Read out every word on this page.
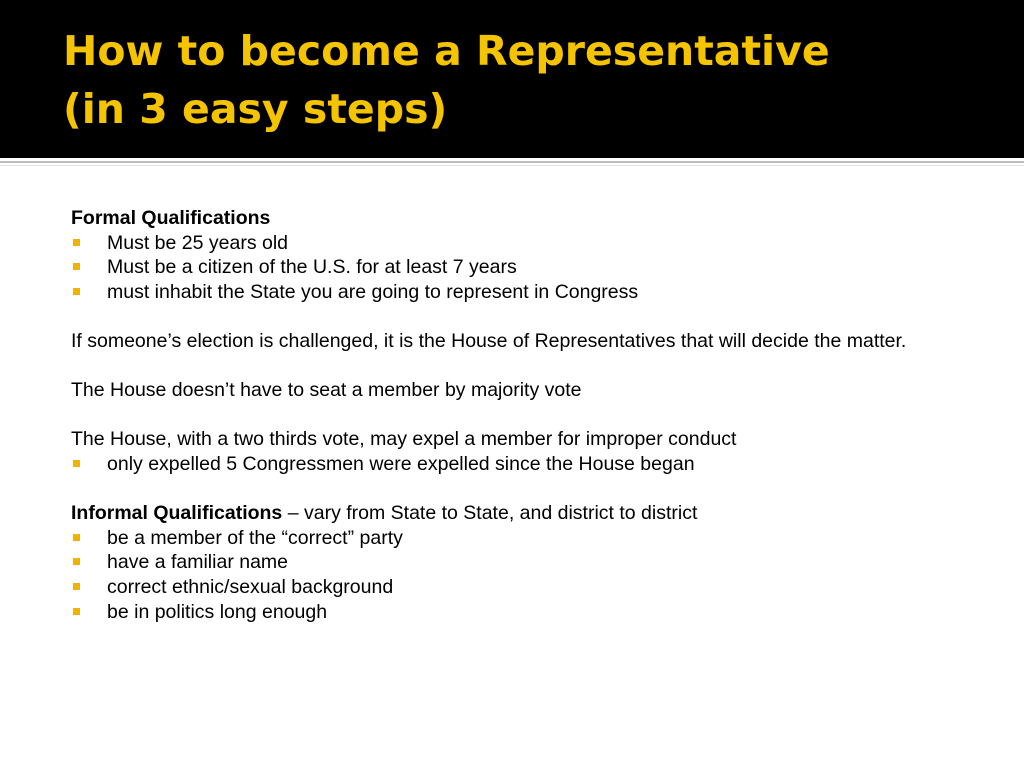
How to become a Representative
(in 3 easy steps)
Formal Qualifications
Must be 25 years old
Must be a citizen of the U.S. for at least 7 years
must inhabit the State you are going to represent in Congress
If someone’s election is challenged, it is the House of Representatives that will decide the matter.
The House doesn’t have to seat a member by majority vote
The House, with a two thirds vote, may expel a member for improper conduct
only expelled 5 Congressmen were expelled since the House began
Informal Qualifications – vary from State to State, and district to district
be a member of the “correct” party
have a familiar name
correct ethnic/sexual background
be in politics long enough
